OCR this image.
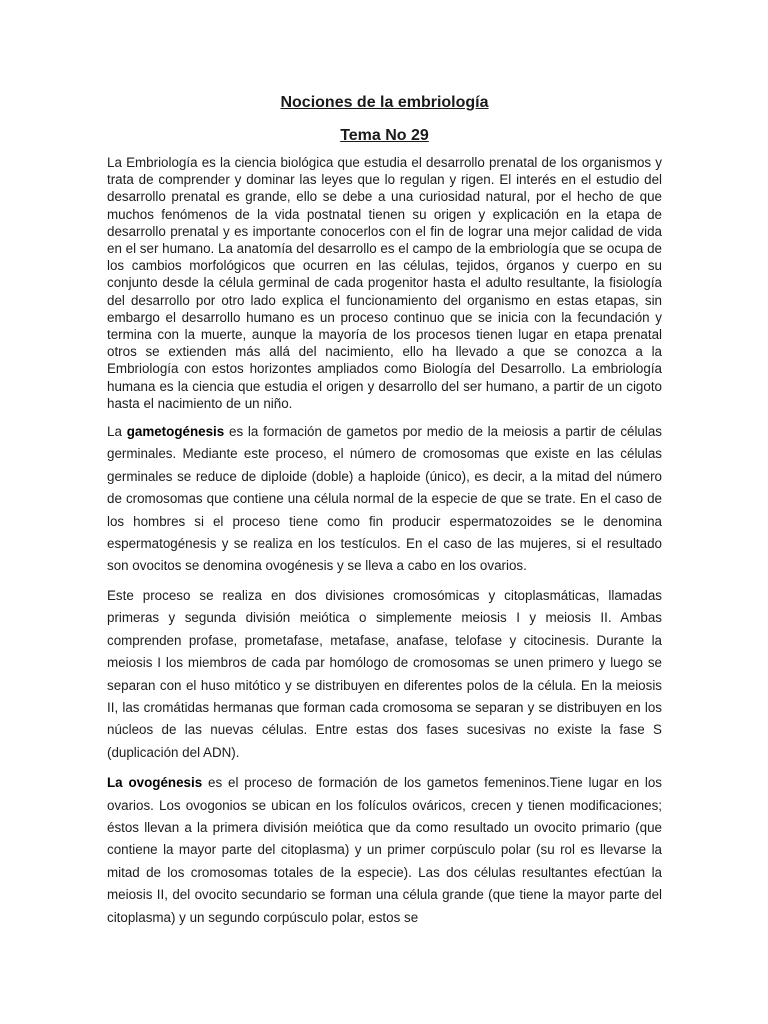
Nociones de la embriología
Tema No 29

La Embriología es la ciencia biológica que estudia el desarrollo prenatal de los organismos y trata de comprender y dominar las leyes que lo regulan y rigen. El interés en el estudio del desarrollo prenatal es grande, ello se debe a una curiosidad natural, por el hecho de que muchos fenómenos de la vida postnatal tienen su origen y explicación en la etapa de desarrollo prenatal y es importante conocerlos con el fin de lograr una mejor calidad de vida en el ser humano. La anatomía del desarrollo es el campo de la embriología que se ocupa de los cambios morfológicos que ocurren en las células, tejidos, órganos y cuerpo en su conjunto desde la célula germinal de cada progenitor hasta el adulto resultante, la fisiología del desarrollo por otro lado explica el funcionamiento del organismo en estas etapas, sin embargo el desarrollo humano es un proceso continuo que se inicia con la fecundación y termina con la muerte, aunque la mayoría de los procesos tienen lugar en etapa prenatal otros se extienden más allá del nacimiento, ello ha llevado a que se conozca a la Embriología con estos horizontes ampliados como Biología del Desarrollo. La embriología humana es la ciencia que estudia el origen y desarrollo del ser humano, a partir de un cigoto hasta el nacimiento de un niño.

La gametogénesis es la formación de gametos por medio de la meiosis a partir de células germinales. Mediante este proceso, el número de cromosomas que existe en las células germinales se reduce de diploide (doble) a haploide (único), es decir, a la mitad del número de cromosomas que contiene una célula normal de la especie de que se trate. En el caso de los hombres si el proceso tiene como fin producir espermatozoides se le denomina espermatogénesis y se realiza en los testículos. En el caso de las mujeres, si el resultado son ovocitos se denomina ovogénesis y se lleva a cabo en los ovarios.

Este proceso se realiza en dos divisiones cromosómicas y citoplasmáticas, llamadas primeras y segunda división meiótica o simplemente meiosis I y meiosis II. Ambas comprenden profase, prometafase, metafase, anafase, telofase y citocinesis. Durante la meiosis I los miembros de cada par homólogo de cromosomas se unen primero y luego se separan con el huso mitótico y se distribuyen en diferentes polos de la célula. En la meiosis II, las cromátidas hermanas que forman cada cromosoma se separan y se distribuyen en los núcleos de las nuevas células. Entre estas dos fases sucesivas no existe la fase S (duplicación del ADN).

La ovogénesis es el proceso de formación de los gametos femeninos.Tiene lugar en los ovarios. Los ovogonios se ubican en los folículos ováricos, crecen y tienen modificaciones; éstos llevan a la primera división meiótica que da como resultado un ovocito primario (que contiene la mayor parte del citoplasma) y un primer corpúsculo polar (su rol es llevarse la mitad de los cromosomas totales de la especie). Las dos células resultantes efectúan la meiosis II, del ovocito secundario se forman una célula grande (que tiene la mayor parte del citoplasma) y un segundo corpúsculo polar, estos se
